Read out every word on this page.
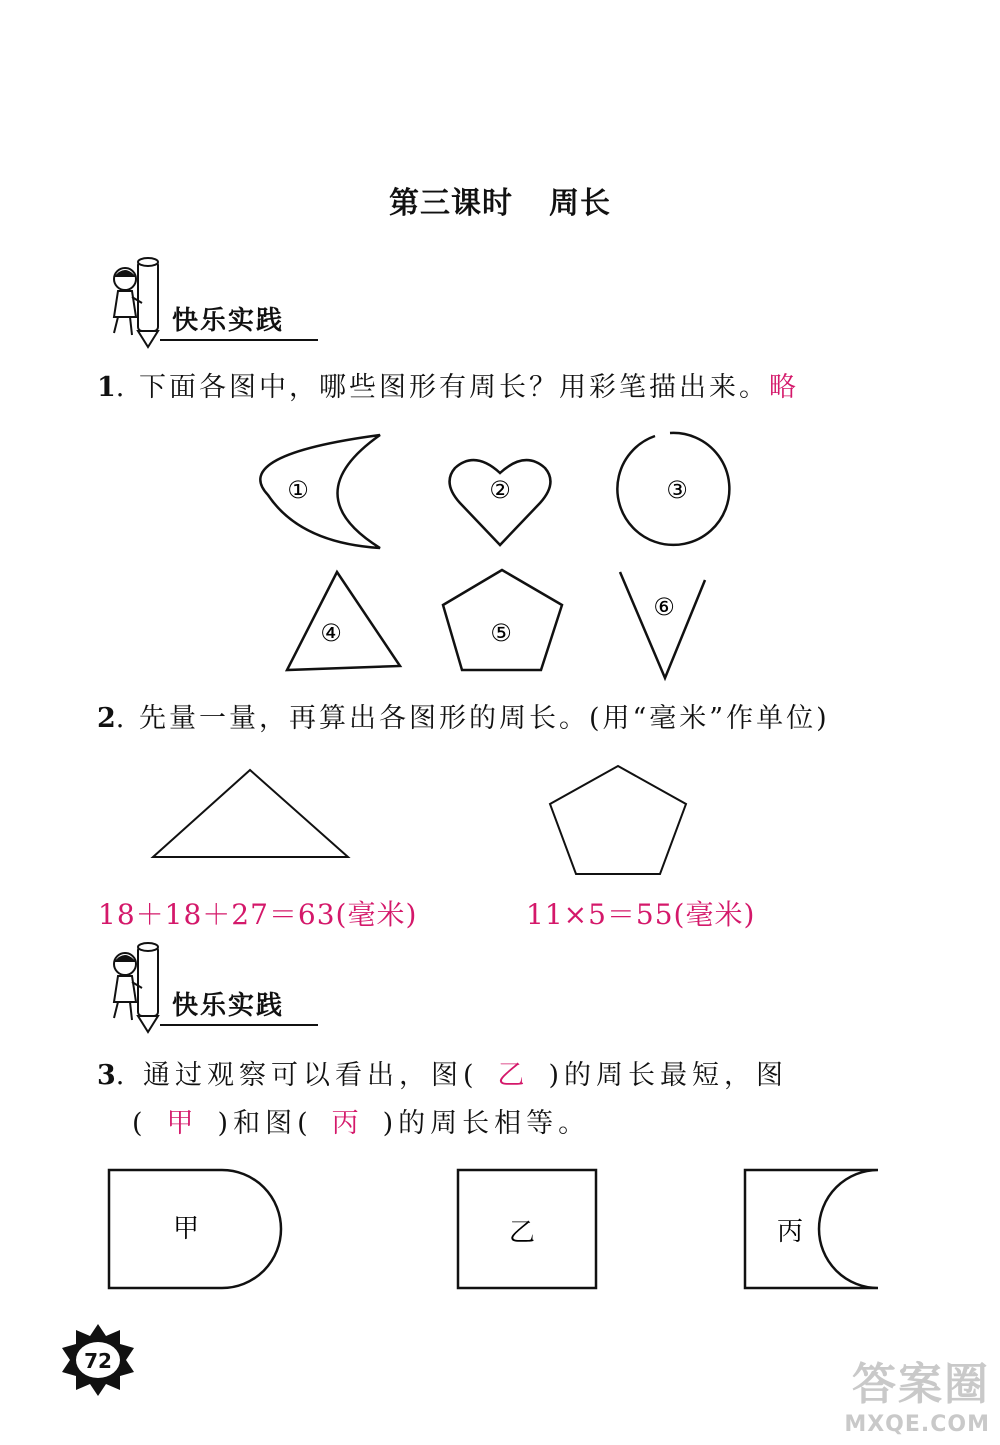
第三课时 周长
快乐实践
1. 下面各图中，哪些图形有周长？用彩笔描出来。略
①	②	③
④	⑤
⑥
2. 先量一量，再算出各图形的周长。(用“毫米”作单位)
18＋18＋27＝63(毫米)	11×5＝55(毫米)
快乐实践
3. 通过观察可以看出，图( 乙 )的周长最短，图
( 甲 )和图( 丙 )的周长相等。
甲	乙	丙
72	答案圈
MXQE.COM
